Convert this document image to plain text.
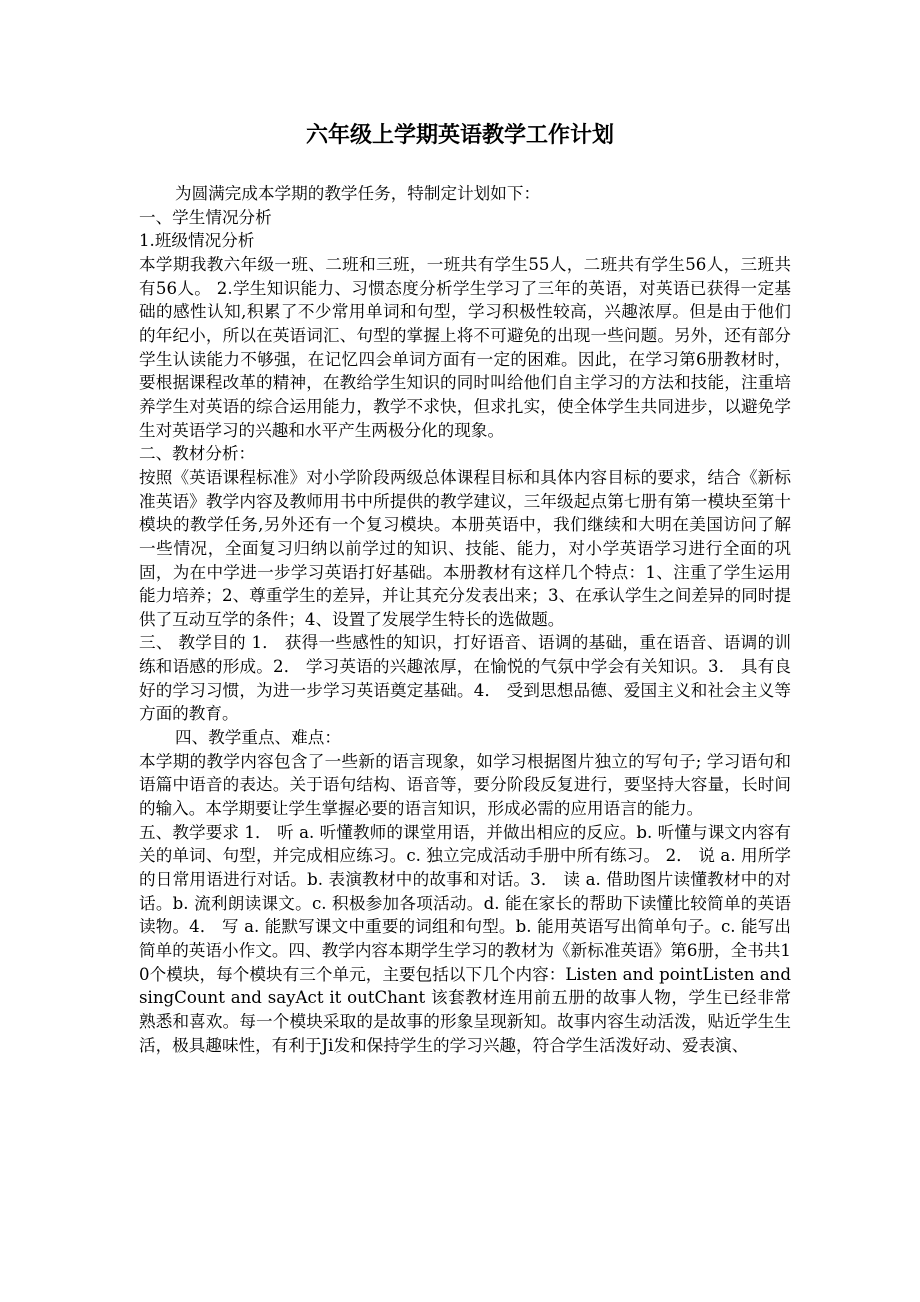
六年级上学期英语教学工作计划

为圆满完成本学期的教学任务，特制定计划如下：

一、学生情况分析

1.班级情况分析

本学期我教六年级一班、二班和三班，一班共有学生55人，二班共有学生56人，三班共有56人。 2.学生知识能力、习惯态度分析学生学习了三年的英语，对英语已获得一定基础的感性认知,积累了不少常用单词和句型，学习积极性较高，兴趣浓厚。但是由于他们的年纪小，所以在英语词汇、句型的掌握上将不可避免的出现一些问题。另外，还有部分学生认读能力不够强，在记忆四会单词方面有一定的困难。因此，在学习第6册教材时，要根据课程改革的精神，在教给学生知识的同时叫给他们自主学习的方法和技能，注重培养学生对英语的综合运用能力，教学不求快，但求扎实，使全体学生共同进步，以避免学生对英语学习的兴趣和水平产生两极分化的现象。

二、教材分析：

按照《英语课程标准》对小学阶段两级总体课程目标和具体内容目标的要求，结合《新标准英语》教学内容及教师用书中所提供的教学建议，三年级起点第七册有第一模块至第十模块的教学任务,另外还有一个复习模块。本册英语中，我们继续和大明在美国访问了解一些情况，全面复习归纳以前学过的知识、技能、能力，对小学英语学习进行全面的巩固，为在中学进一步学习英语打好基础。本册教材有这样几个特点：1、注重了学生运用能力培养；2、尊重学生的差异，并让其充分发表出来；3、在承认学生之间差异的同时提供了互动互学的条件；4、设置了发展学生特长的选做题。

三、 教学目的 1． 获得一些感性的知识，打好语音、语调的基础，重在语音、语调的训练和语感的形成。2． 学习英语的兴趣浓厚，在愉悦的气氛中学会有关知识。3． 具有良好的学习习惯，为进一步学习英语奠定基础。4． 受到思想品德、爱国主义和社会主义等方面的教育。

四、教学重点、难点：

本学期的教学内容包含了一些新的语言现象，如学习根据图片独立的写句子; 学习语句和语篇中语音的表达。关于语句结构、语音等，要分阶段反复进行，要坚持大容量，长时间的输入。本学期要让学生掌握必要的语言知识，形成必需的应用语言的能力。

五、教学要求 1． 听 a. 听懂教师的课堂用语，并做出相应的反应。b. 听懂与课文内容有关的单词、句型，并完成相应练习。c. 独立完成活动手册中所有练习。 2． 说 a. 用所学的日常用语进行对话。b. 表演教材中的故事和对话。3． 读 a. 借助图片读懂教材中的对话。b. 流利朗读课文。c. 积极参加各项活动。d. 能在家长的帮助下读懂比较简单的英语读物。4． 写 a. 能默写课文中重要的词组和句型。b. 能用英语写出简单句子。c. 能写出简单的英语小作文。四、教学内容本期学生学习的教材为《新标准英语》第6册，全书共10个模块，每个模块有三个单元，主要包括以下几个内容：Listen and pointListen and singCount and sayAct it outChant 该套教材连用前五册的故事人物，学生已经非常熟悉和喜欢。每一个模块采取的是故事的形象呈现新知。故事内容生动活泼，贴近学生生活，极具趣味性，有利于Ji发和保持学生的学习兴趣，符合学生活泼好动、爱表演、
